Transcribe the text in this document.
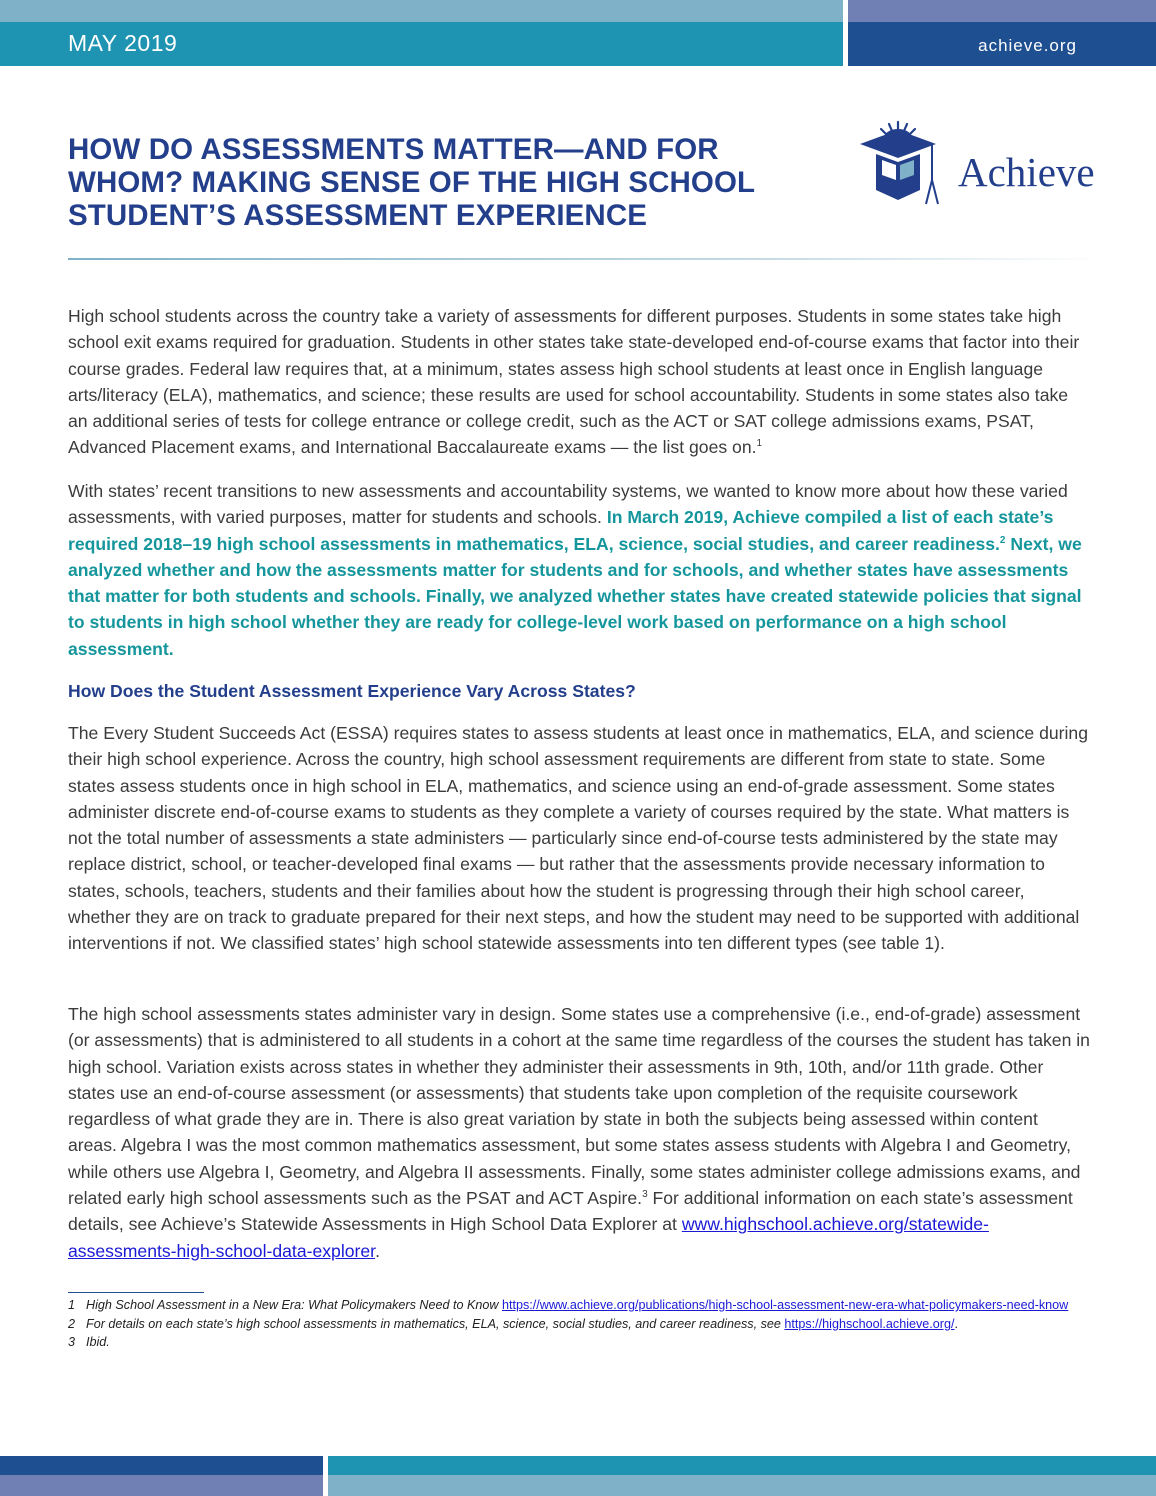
MAY 2019	achieve.org
HOW DO ASSESSMENTS MATTER—AND FOR WHOM? MAKING SENSE OF THE HIGH SCHOOL STUDENT’S ASSESSMENT EXPERIENCE
Achieve

High school students across the country take a variety of assessments for different purposes. Students in some states take high school exit exams required for graduation. Students in other states take state-developed end-of-course exams that factor into their course grades. Federal law requires that, at a minimum, states assess high school students at least once in English language arts/literacy (ELA), mathematics, and science; these results are used for school accountability. Students in some states also take an additional series of tests for college entrance or college credit, such as the ACT or SAT college admissions exams, PSAT, Advanced Placement exams, and International Baccalaureate exams — the list goes on.$^1$

With states’ recent transitions to new assessments and accountability systems, we wanted to know more about how these varied assessments, with varied purposes, matter for students and schools. In March 2019, Achieve compiled a list of each state’s required 2018–19 high school assessments in mathematics, ELA, science, social studies, and career readiness.$^2$ Next, we analyzed whether and how the assessments matter for students and for schools, and whether states have assessments that matter for both students and schools. Finally, we analyzed whether states have created statewide policies that signal to students in high school whether they are ready for college-level work based on performance on a high school assessment.

How Does the Student Assessment Experience Vary Across States?

The Every Student Succeeds Act (ESSA) requires states to assess students at least once in mathematics, ELA, and science during their high school experience. Across the country, high school assessment requirements are different from state to state. Some states assess students once in high school in ELA, mathematics, and science using an end-of-grade assessment. Some states administer discrete end-of-course exams to students as they complete a variety of courses required by the state. What matters is not the total number of assessments a state administers — particularly since end-of-course tests administered by the state may replace district, school, or teacher-developed final exams — but rather that the assessments provide necessary information to states, schools, teachers, students and their families about how the student is progressing through their high school career, whether they are on track to graduate prepared for their next steps, and how the student may need to be supported with additional interventions if not. We classified states’ high school statewide assessments into ten different types (see table 1).

The high school assessments states administer vary in design. Some states use a comprehensive (i.e., end-of-grade) assessment (or assessments) that is administered to all students in a cohort at the same time regardless of the courses the student has taken in high school. Variation exists across states in whether they administer their assessments in 9th, 10th, and/or 11th grade. Other states use an end-of-course assessment (or assessments) that students take upon completion of the requisite coursework regardless of what grade they are in. There is also great variation by state in both the subjects being assessed within content areas. Algebra I was the most common mathematics assessment, but some states assess students with Algebra I and Geometry, while others use Algebra I, Geometry, and Algebra II assessments. Finally, some states administer college admissions exams, and related early high school assessments such as the PSAT and ACT Aspire.$^3$ For additional information on each state’s assessment details, see Achieve’s Statewide Assessments in High School Data Explorer at www.highschool.achieve.org/statewide-assessments-high-school-data-explorer.

1 High School Assessment in a New Era: What Policymakers Need to Know https://www.achieve.org/publications/high-school-assessment-new-era-what-policymakers-need-know
2 For details on each state’s high school assessments in mathematics, ELA, science, social studies, and career readiness, see https://highschool.achieve.org/.
3 Ibid.
